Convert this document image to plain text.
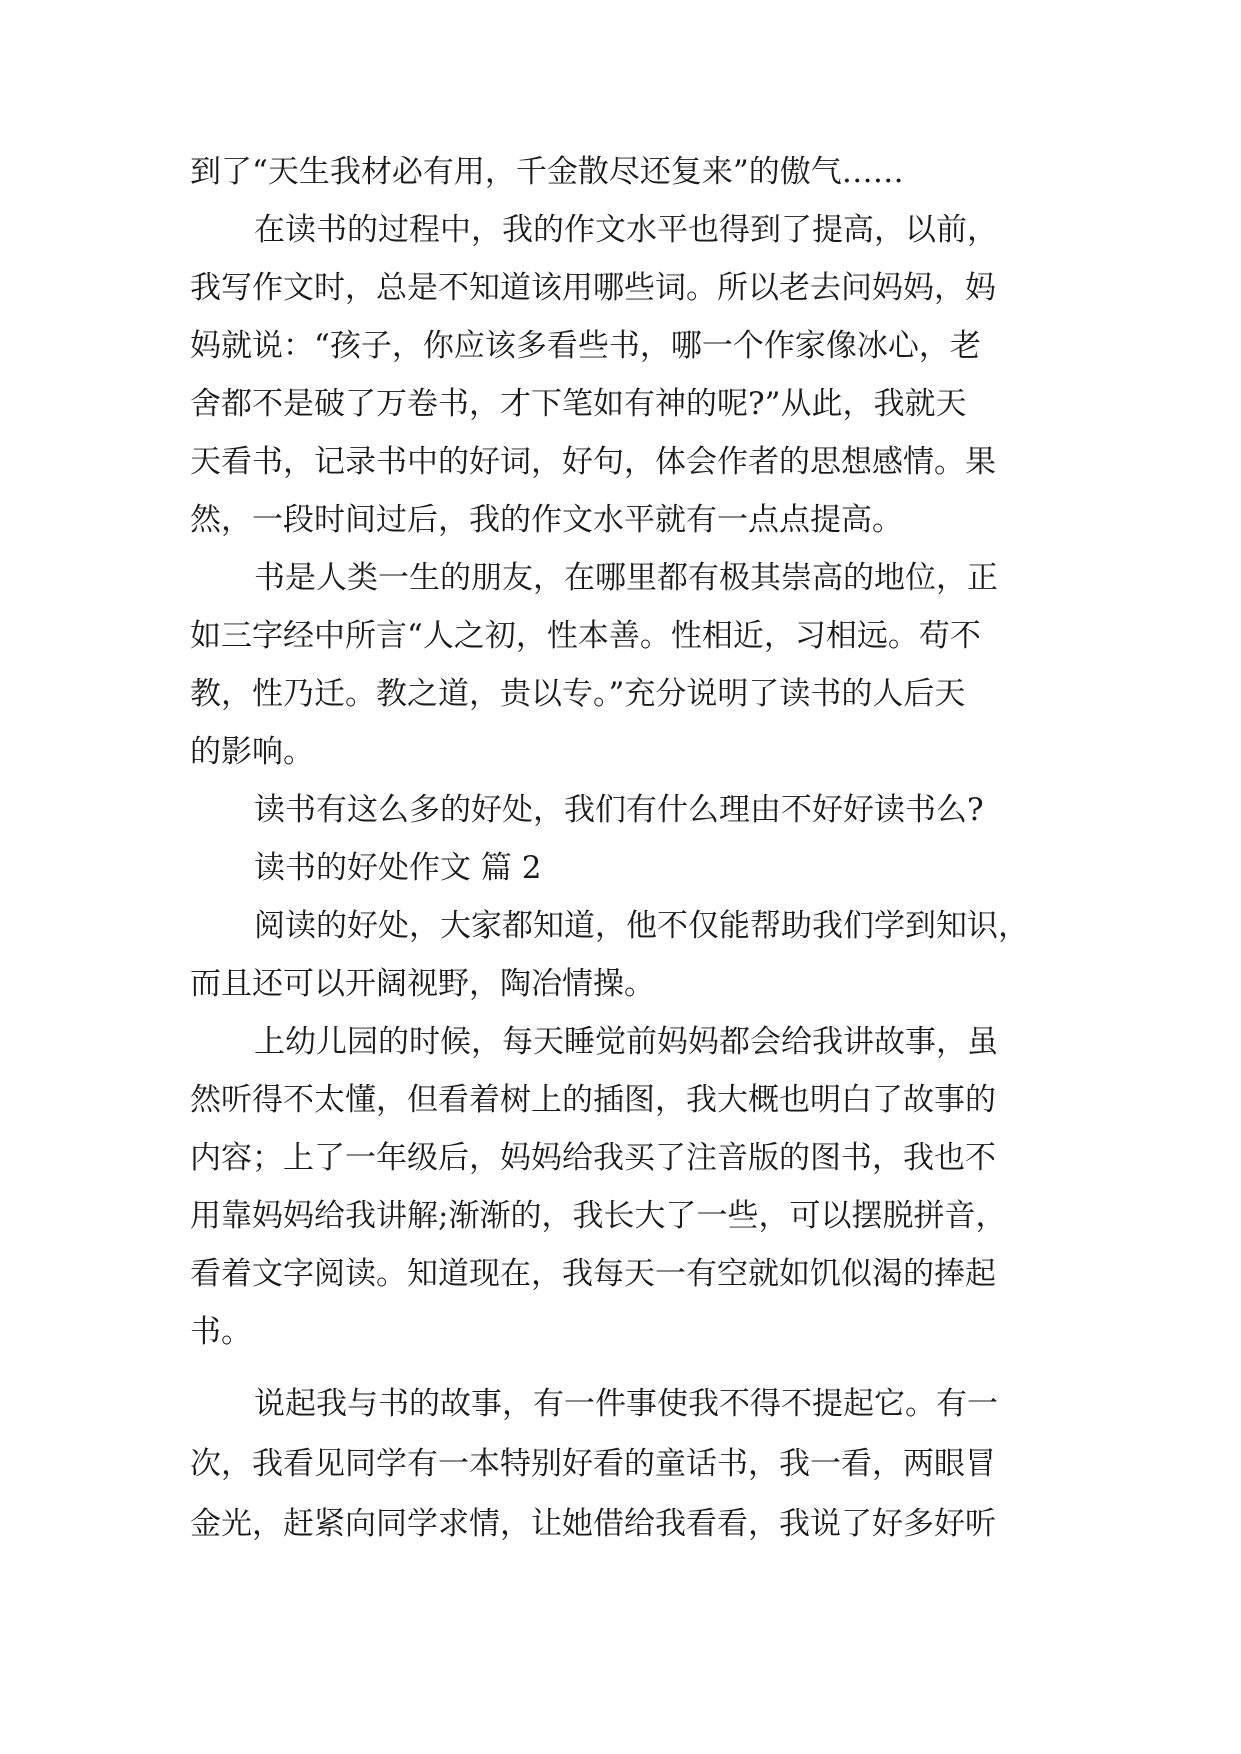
到了“天生我材必有用，千金散尽还复来”的傲气……
在读书的过程中，我的作文水平也得到了提高，以前，
我写作文时，总是不知道该用哪些词。所以老去问妈妈，妈
妈就说：“孩子，你应该多看些书，哪一个作家像冰心，老
舍都不是破了万卷书，才下笔如有神的呢?”从此，我就天
天看书，记录书中的好词，好句，体会作者的思想感情。果
然，一段时间过后，我的作文水平就有一点点提高。
书是人类一生的朋友，在哪里都有极其崇高的地位，正
如三字经中所言“人之初，性本善。性相近，习相远。苟不
教，性乃迁。教之道，贵以专。”充分说明了读书的人后天
的影响。
读书有这么多的好处，我们有什么理由不好好读书么?
读书的好处作文 篇 2
阅读的好处，大家都知道，他不仅能帮助我们学到知识，
而且还可以开阔视野，陶冶情操。
上幼儿园的时候，每天睡觉前妈妈都会给我讲故事，虽
然听得不太懂，但看着树上的插图，我大概也明白了故事的
内容；上了一年级后，妈妈给我买了注音版的图书，我也不
用靠妈妈给我讲解;渐渐的，我长大了一些，可以摆脱拼音，
看着文字阅读。知道现在，我每天一有空就如饥似渴的捧起
书。
说起我与书的故事，有一件事使我不得不提起它。有一
次，我看见同学有一本特别好看的童话书，我一看，两眼冒
金光，赶紧向同学求情，让她借给我看看，我说了好多好听
